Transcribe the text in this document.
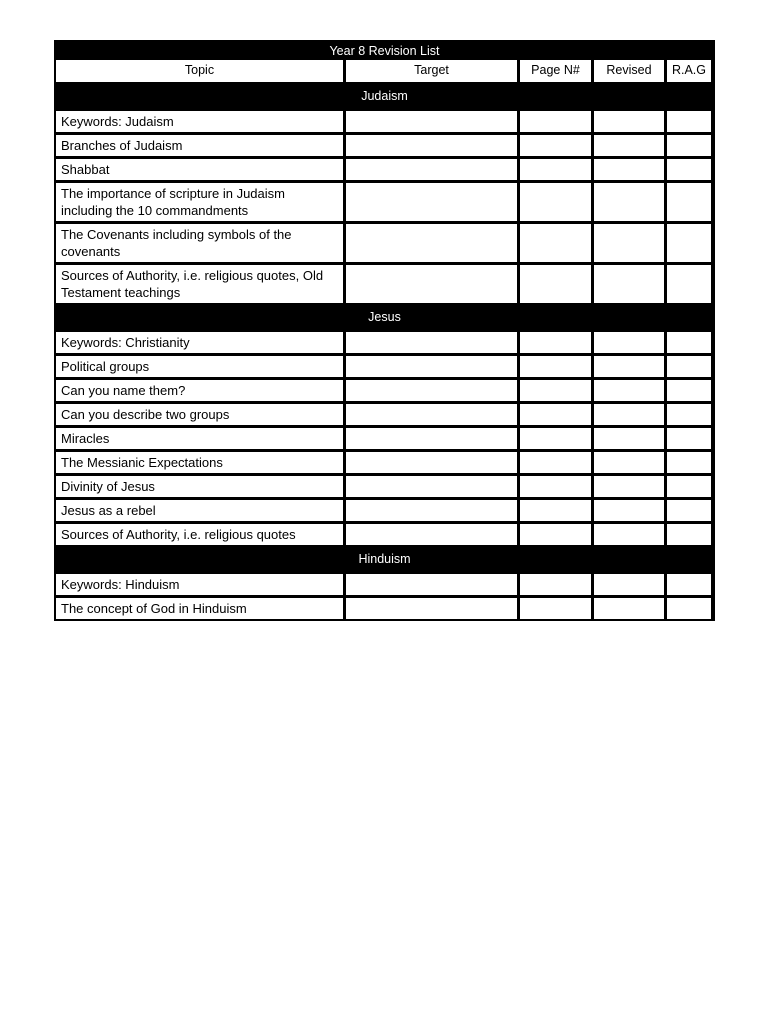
Year 8 Revision List
Topic	Target	Page N#	Revised	R.A.G
Judaism
Keywords: Judaism
Branches of Judaism
Shabbat
The importance of scripture in Judaism including the 10 commandments
The Covenants including symbols of the covenants
Sources of Authority, i.e. religious quotes, Old Testament teachings
Jesus
Keywords: Christianity
Political groups
Can you name them?
Can you describe two groups
Miracles
The Messianic Expectations
Divinity of Jesus
Jesus as a rebel
Sources of Authority, i.e. religious quotes
Hinduism
Keywords: Hinduism
The concept of God in Hinduism
